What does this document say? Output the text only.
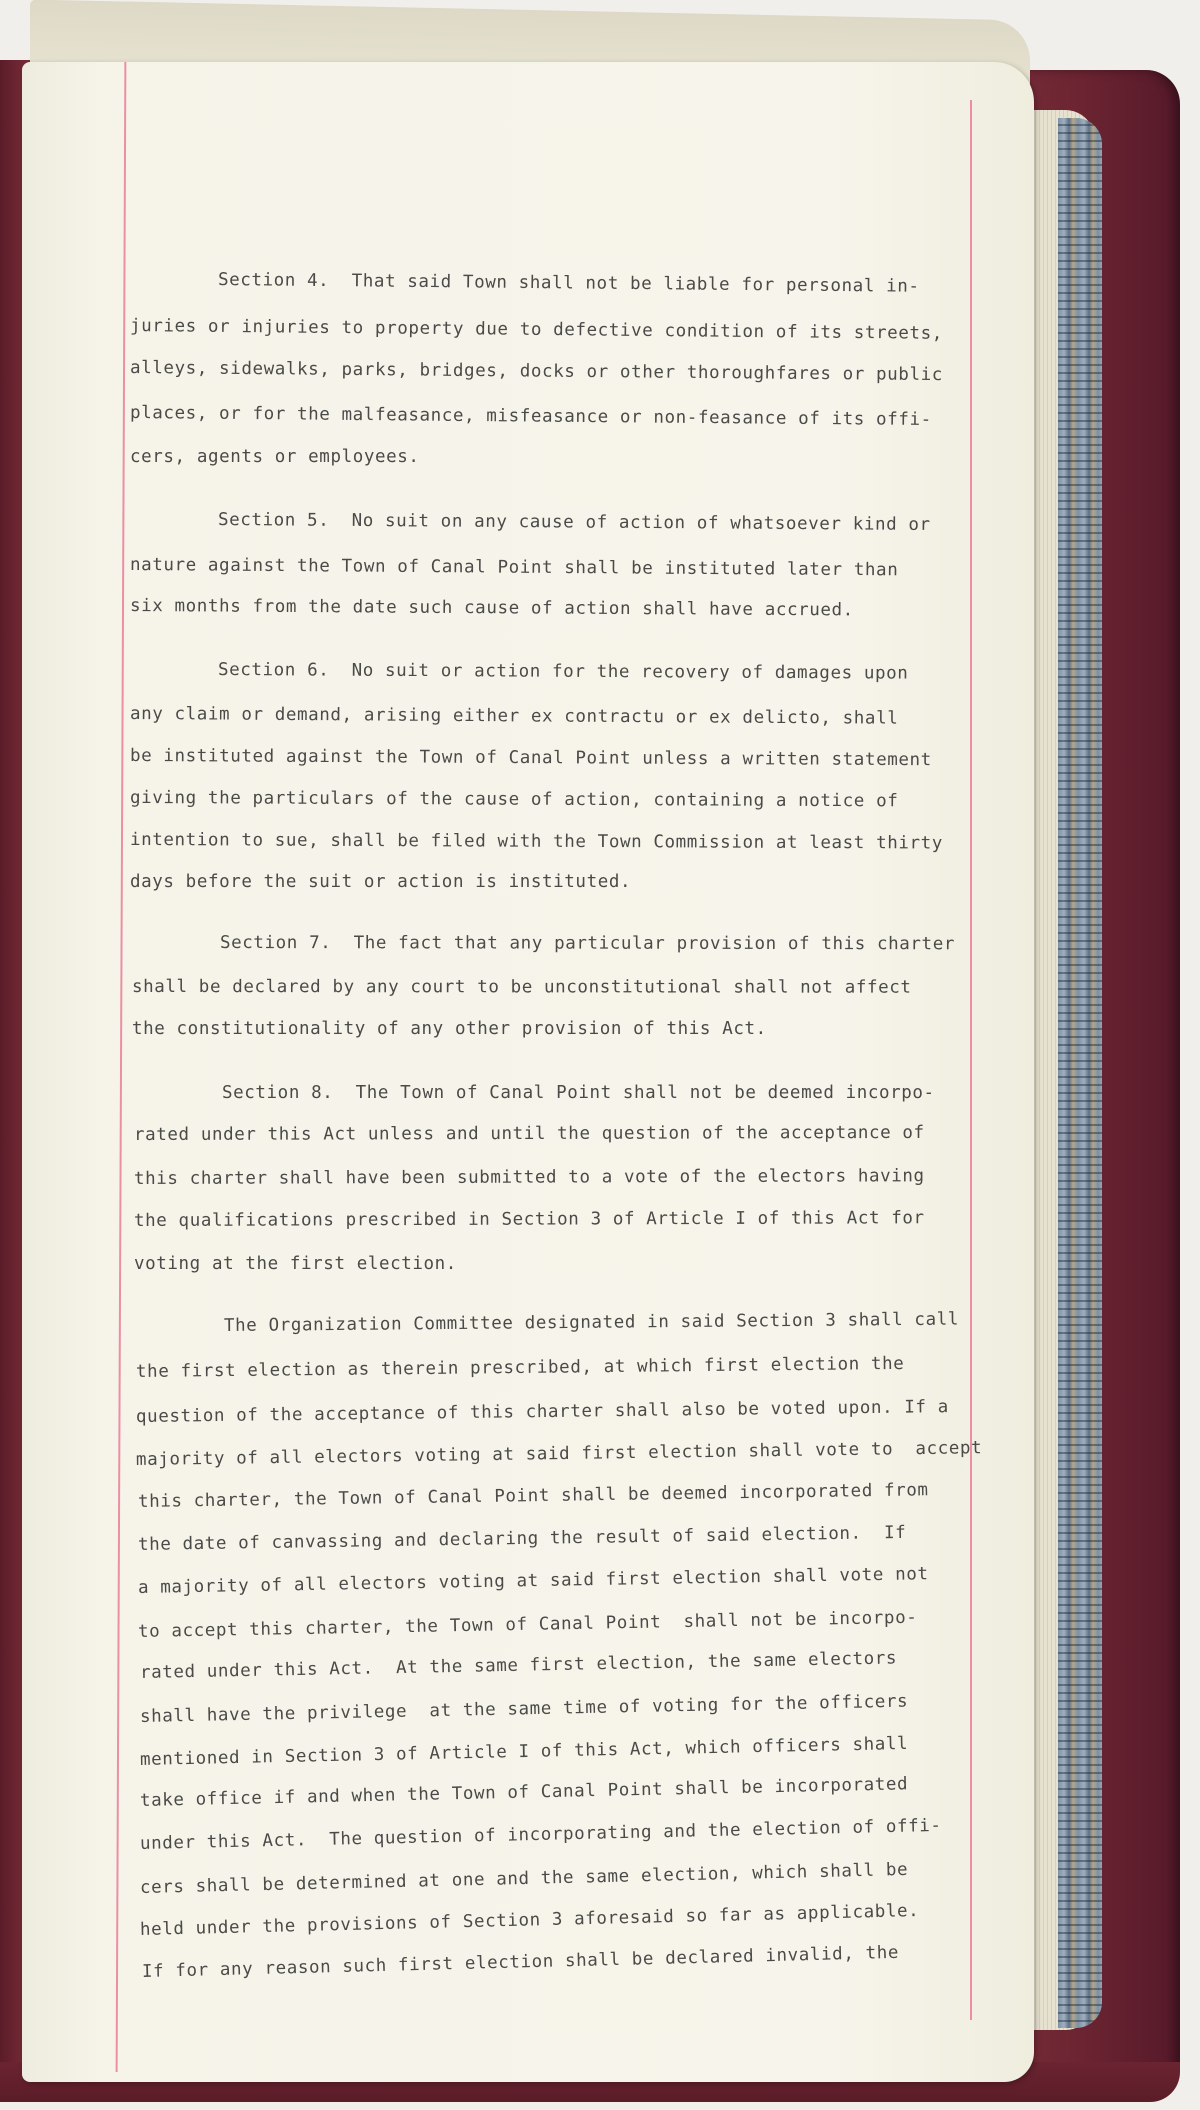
Section 4.  That said Town shall not be liable for personal in-
juries or injuries to property due to defective condition of its streets,
alleys, sidewalks, parks, bridges, docks or other thoroughfares or public
places, or for the malfeasance, misfeasance or non-feasance of its offi-
cers, agents or employees.
Section 5.  No suit on any cause of action of whatsoever kind or
nature against the Town of Canal Point shall be instituted later than
six months from the date such cause of action shall have accrued.
Section 6.  No suit or action for the recovery of damages upon
any claim or demand, arising either ex contractu or ex delicto, shall
be instituted against the Town of Canal Point unless a written statement
giving the particulars of the cause of action, containing a notice of
intention to sue, shall be filed with the Town Commission at least thirty
days before the suit or action is instituted.
Section 7.  The fact that any particular provision of this charter
shall be declared by any court to be unconstitutional shall not affect
the constitutionality of any other provision of this Act.
Section 8.  The Town of Canal Point shall not be deemed incorpo-
rated under this Act unless and until the question of the acceptance of
this charter shall have been submitted to a vote of the electors having
the qualifications prescribed in Section 3 of Article I of this Act for
voting at the first election.
The Organization Committee designated in said Section 3 shall call
the first election as therein prescribed, at which first election the
question of the acceptance of this charter shall also be voted upon. If a
majority of all electors voting at said first election shall vote to  accept
this charter, the Town of Canal Point shall be deemed incorporated from
the date of canvassing and declaring the result of said election.  If
a majority of all electors voting at said first election shall vote not
to accept this charter, the Town of Canal Point  shall not be incorpo-
rated under this Act.  At the same first election, the same electors
shall have the privilege  at the same time of voting for the officers
mentioned in Section 3 of Article I of this Act, which officers shall
take office if and when the Town of Canal Point shall be incorporated
under this Act.  The question of incorporating and the election of offi-
cers shall be determined at one and the same election, which shall be
held under the provisions of Section 3 aforesaid so far as applicable.
If for any reason such first election shall be declared invalid, the
